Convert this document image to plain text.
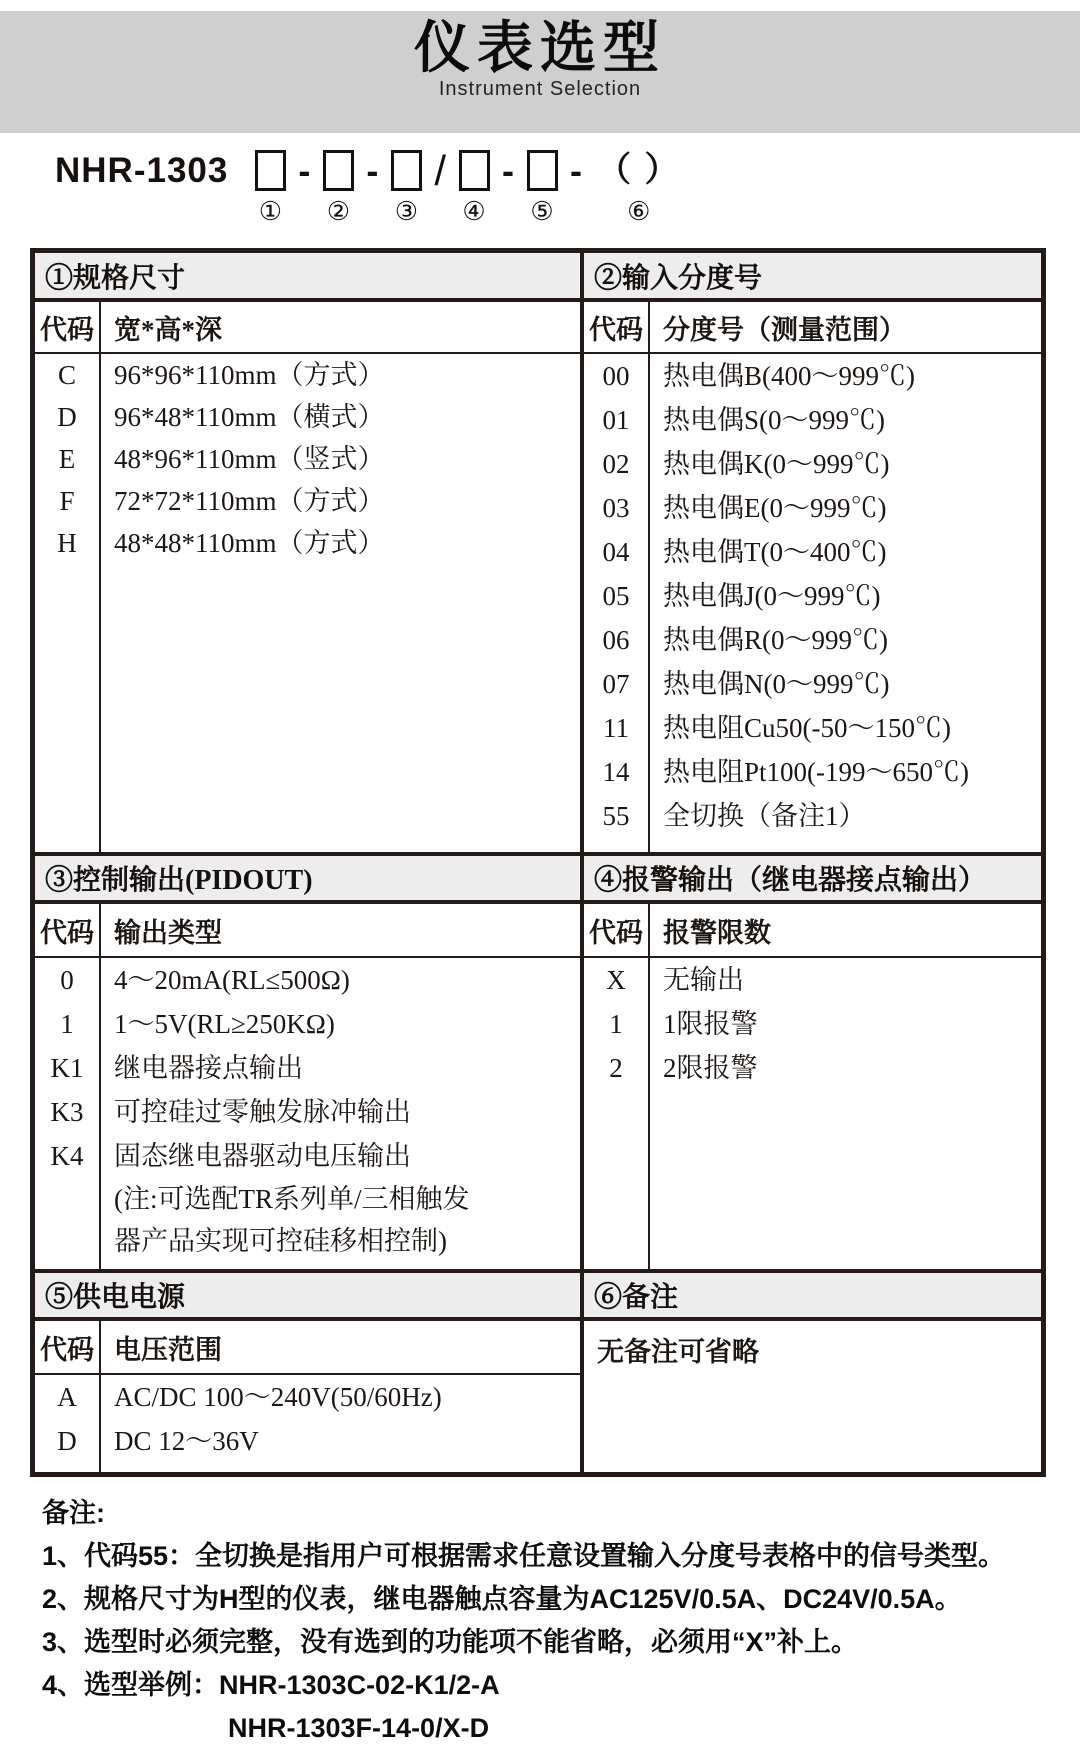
仪表选型
Instrument Selection
NHR-1303
①
-
②
-
③
/
④
-
⑤
- （ ）
⑥
①规格尺寸
代码 宽*高*深
C
D
E
F
H
96*96*110mm（方式）
96*48*110mm（横式）
48*96*110mm（竖式）
72*72*110mm（方式）
48*48*110mm（方式）
③控制输出(PIDOUT)
代码 输出类型
0
1
K1
K3
K4
4～20mA(RL≤500Ω)
1～5V(RL≥250KΩ)
继电器接点输出
可控硅过零触发脉冲输出
固态继电器驱动电压输出
(注:可选配TR系列单/三相触发
器产品实现可控硅移相控制)
⑤供电电源
代码 电压范围
A
D
AC/DC 100～240V(50/60Hz)
DC 12～36V
②输入分度号
代码 分度号（测量范围）
00
01
02
03
04
05
06
07
11
14
55
热电偶B(400～999℃)
热电偶S(0～999℃)
热电偶K(0～999℃)
热电偶E(0～999℃)
热电偶T(0～400℃)
热电偶J(0～999℃)
热电偶R(0～999℃)
热电偶N(0～999℃)
热电阻Cu50(-50～150℃)
热电阻Pt100(-199～650℃)
全切换（备注1）
④报警输出（继电器接点输出）
代码 报警限数
X
1
2
无输出
1限报警
2限报警
⑥备注
无备注可省略
备注:
1、代码55：全切换是指用户可根据需求任意设置输入分度号表格中的信号类型。
2、规格尺寸为H型的仪表，继电器触点容量为AC125V/0.5A、DC24V/0.5A。
3、选型时必须完整，没有选到的功能项不能省略，必须用“X”补上。
4、选型举例：NHR-1303C-02-K1/2-A
NHR-1303F-14-0/X-D
